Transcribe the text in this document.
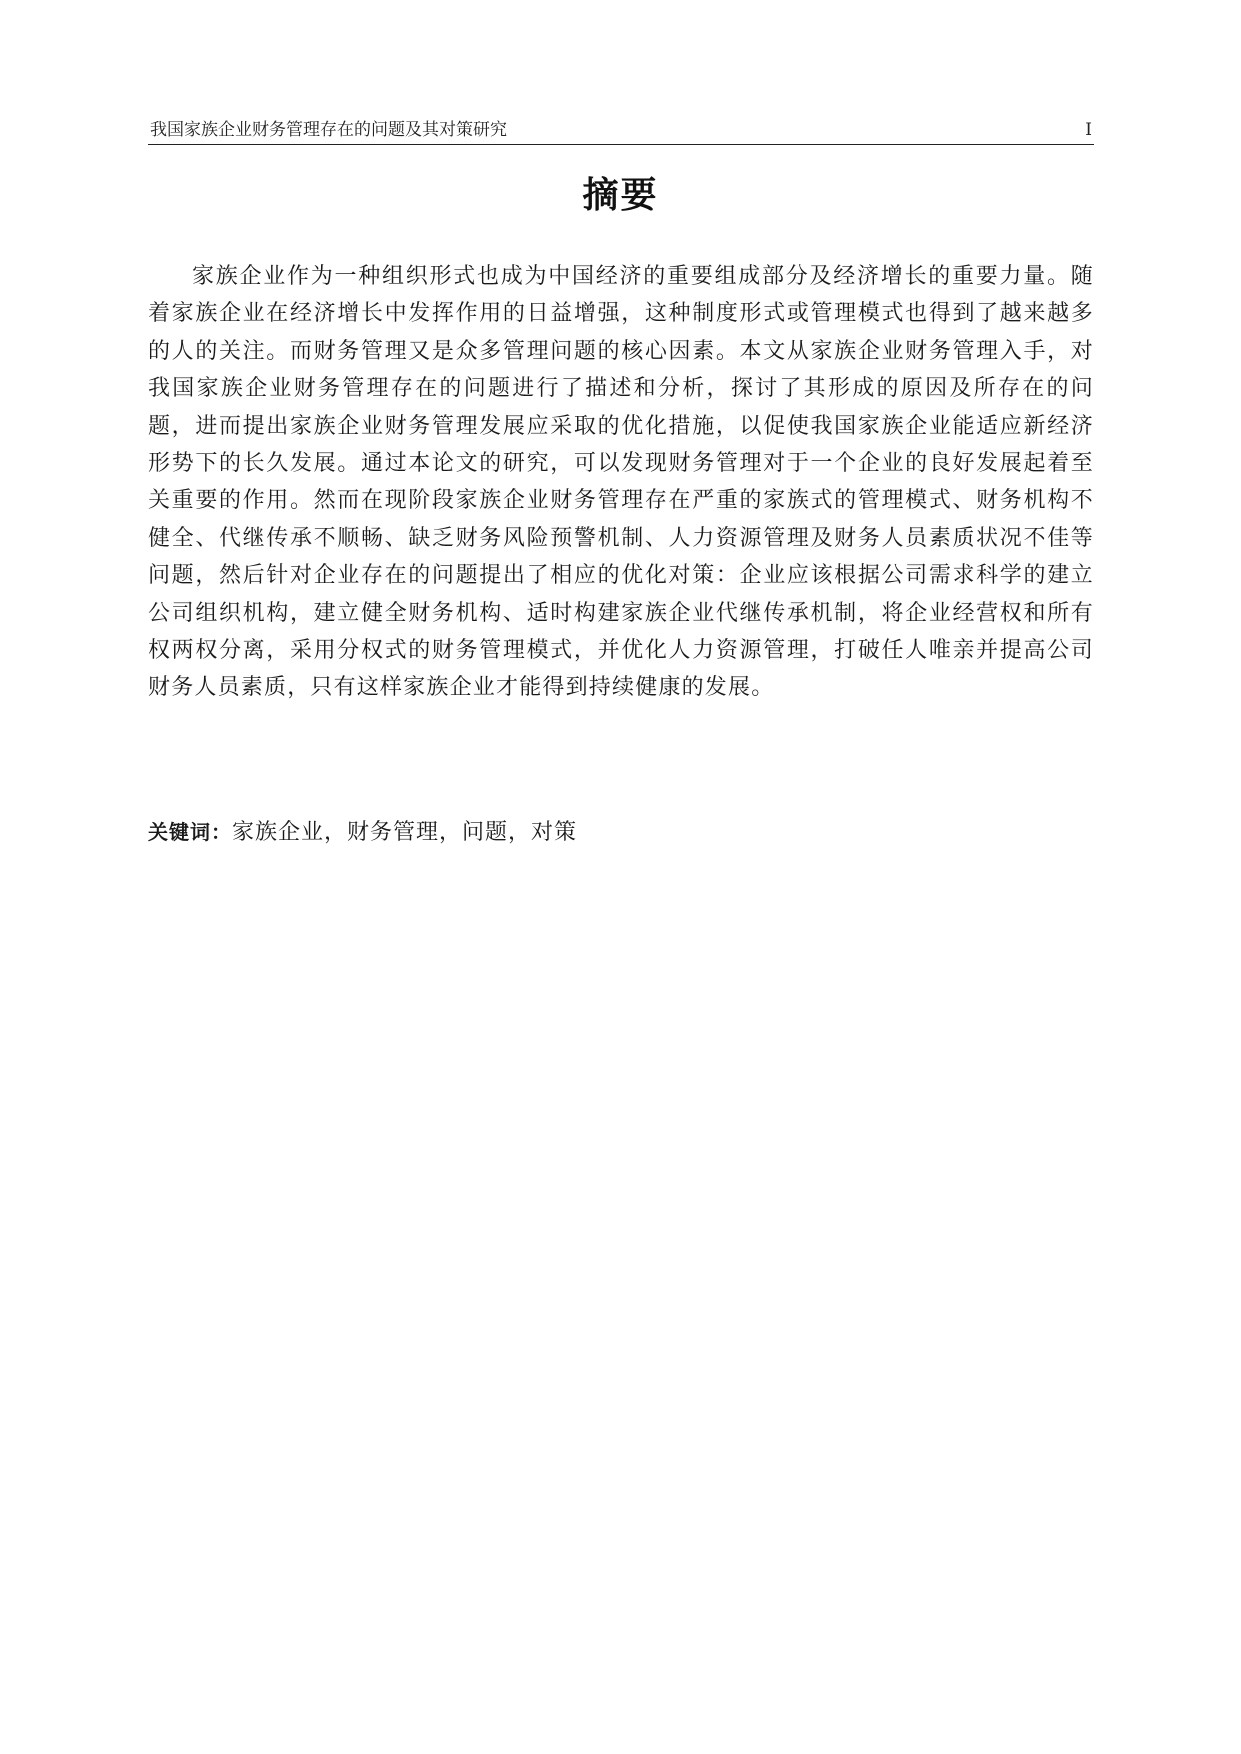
我国家族企业财务管理存在的问题及其对策研究	I
摘要

家族企业作为一种组织形式也成为中国经济的重要组成部分及经济增长的重要力量。随着家族企业在经济增长中发挥作用的日益增强，这种制度形式或管理模式也得到了越来越多的人的关注。而财务管理又是众多管理问题的核心因素。本文从家族企业财务管理入手，对我国家族企业财务管理存在的问题进行了描述和分析，探讨了其形成的原因及所存在的问题，进而提出家族企业财务管理发展应采取的优化措施，以促使我国家族企业能适应新经济形势下的长久发展。通过本论文的研究，可以发现财务管理对于一个企业的良好发展起着至关重要的作用。然而在现阶段家族企业财务管理存在严重的家族式的管理模式、财务机构不健全、代继传承不顺畅、缺乏财务风险预警机制、人力资源管理及财务人员素质状况不佳等问题，然后针对企业存在的问题提出了相应的优化对策：企业应该根据公司需求科学的建立公司组织机构，建立健全财务机构、适时构建家族企业代继传承机制，将企业经营权和所有权两权分离，采用分权式的财务管理模式，并优化人力资源管理，打破任人唯亲并提高公司财务人员素质，只有这样家族企业才能得到持续健康的发展。

关键词：家族企业，财务管理，问题，对策
